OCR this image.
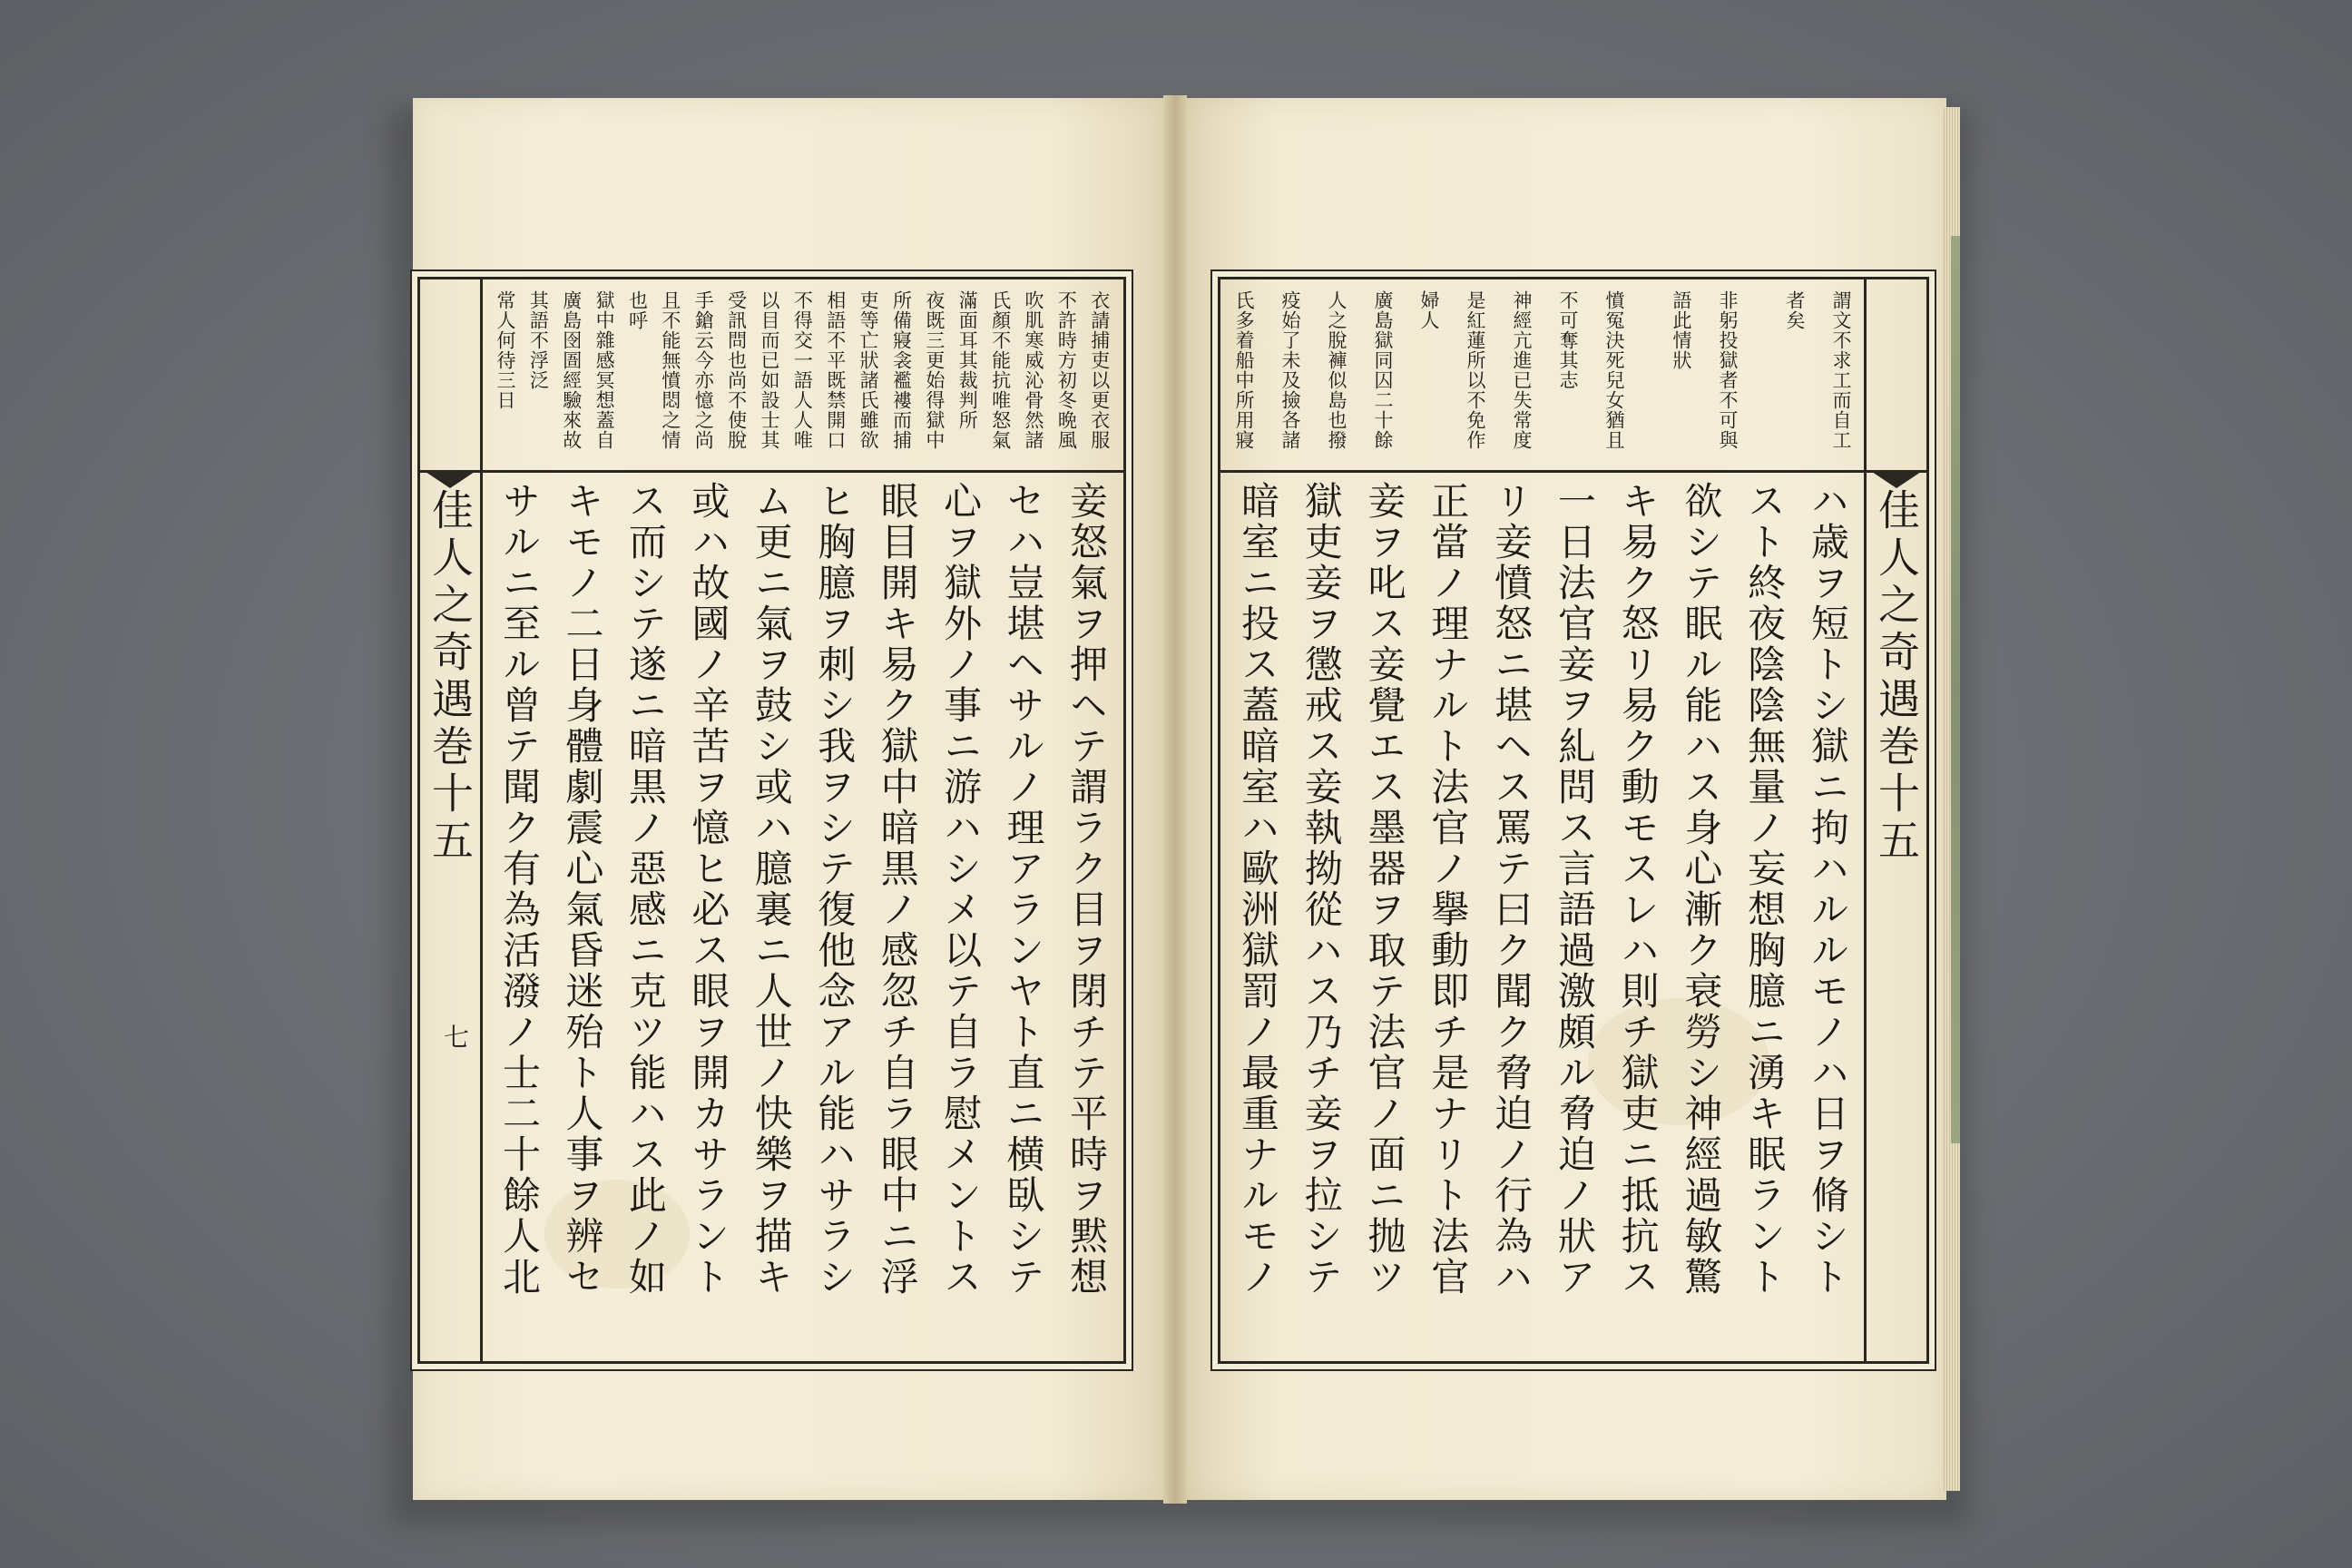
衣請捕吏以更衣服
不許時方初冬晩風
吹肌寒威沁骨然諸
氏顏不能抗唯怒氣
滿面耳其裁判所
夜既三更始得獄中
所備寢衾襤褸而捕
吏等亡狀諸氏雖欲
相語不平既禁開口
不得交一語人人唯
以目而已如設士其
受訊問也尚不使脫
手鎗云今亦憶之尚
且不能無憤悶之情
也呼
獄中雜感冥想蓋自
廣島囹圄經驗來故
其語不浮泛
常人何待三日
佳人之奇遇巻十五
七	妾怒氣ヲ押ヘテ謂ラク目ヲ閉チテ平時ヲ黙想
セハ豈堪ヘサルノ理アランヤト直ニ横臥シテ
心ヲ獄外ノ事ニ游ハシメ以テ自ラ慰メントス
眼目開キ易ク獄中暗黒ノ感忽チ自ラ眼中ニ浮
ヒ胸臆ヲ刺シ我ヲシテ復他念アル能ハサラシ
ム更ニ氣ヲ鼓シ或ハ臆裏ニ人世ノ快樂ヲ描キ
或ハ故國ノ辛苦ヲ憶ヒ必ス眼ヲ開カサラント
ス而シテ遂ニ暗黒ノ惡感ニ克ツ能ハス此ノ如
キモノ二日身體劇震心氣昏迷殆ト人事ヲ辨セ
サルニ至ル曾テ聞ク有為活潑ノ士二十餘人北
謂文不求工而自工
者矣
非躬投獄者不可與
語此情狀
憤冤決死兒女猶且
不可奪其志
神經亢進已失常度
是紅蓮所以不免作
婦人
廣島獄同囚二十餘
人之脫褲似島也撥
疫始了未及撿各諸
氏多着船中所用寢
佳人之奇遇巻十五
ハ歳ヲ短トシ獄ニ拘ハルルモノハ日ヲ脩シト
スト終夜陰陰無量ノ妄想胸臆ニ湧キ眠ラント
欲シテ眠ル能ハス身心漸ク衰勞シ神經過敏驚
キ易ク怒リ易ク動モスレハ則チ獄吏ニ抵抗ス
一日法官妾ヲ糺問ス言語過激頗ル脅迫ノ狀ア
リ妾憤怒ニ堪ヘス罵テ曰ク聞ク脅迫ノ行為ハ
正當ノ理ナルト法官ノ擧動即チ是ナリト法官
妾ヲ叱ス妾覺エス墨器ヲ取テ法官ノ面ニ抛ツ
獄吏妾ヲ懲戒ス妾執拗從ハス乃チ妾ヲ拉シテ
暗室ニ投ス蓋暗室ハ歐洲獄罰ノ最重ナルモノ
